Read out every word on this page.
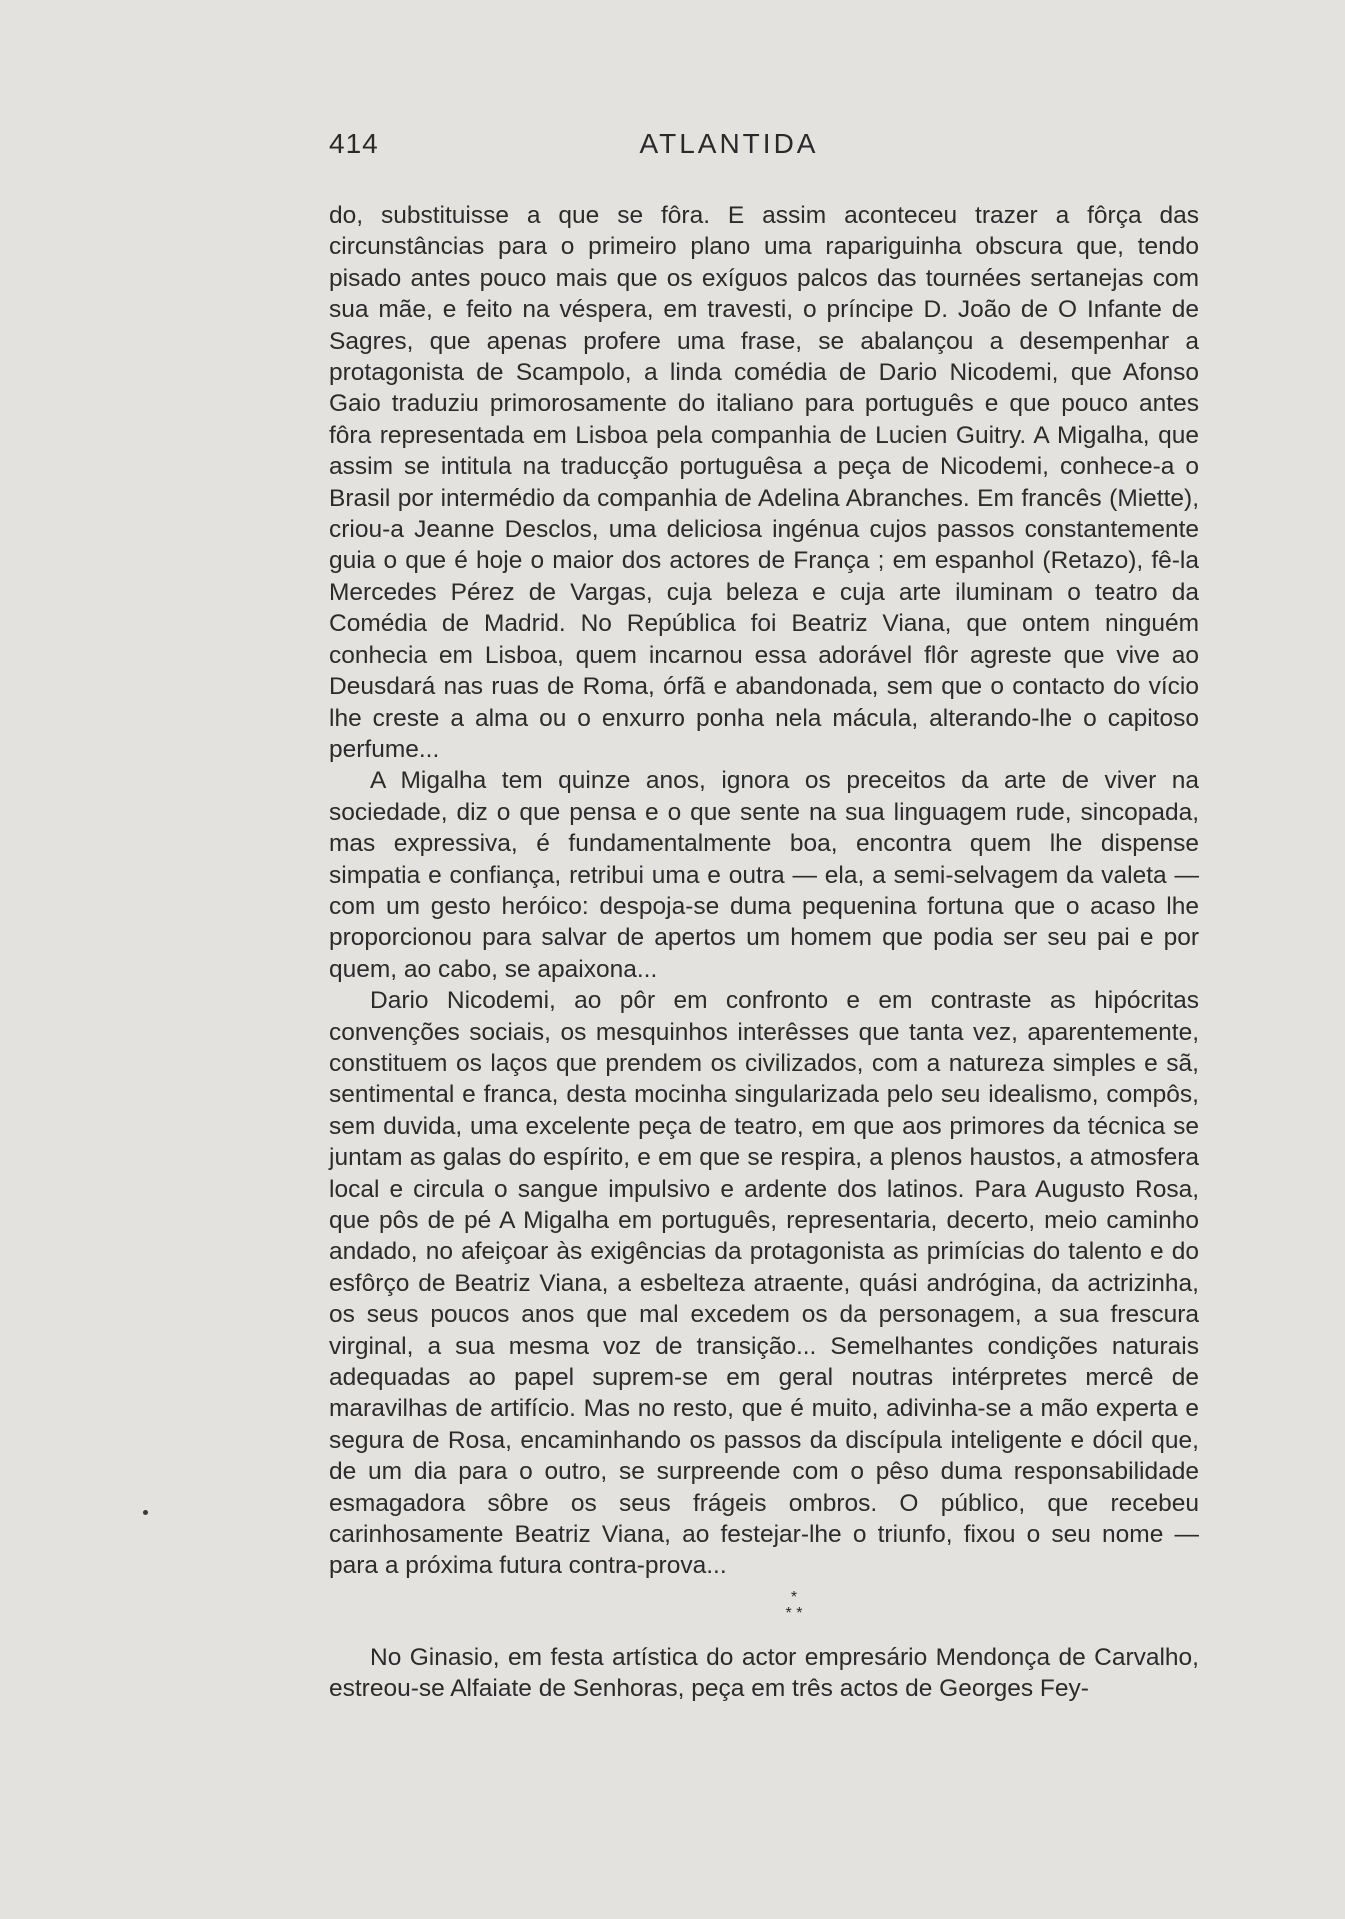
414	ATLANTIDA

do, substituisse a que se fôra. E assim aconteceu trazer a fôrça das circunstâncias para o primeiro plano uma rapariguinha obscura que, tendo pisado antes pouco mais que os exíguos palcos das tournées sertanejas com sua mãe, e feito na véspera, em travesti, o príncipe D. João de O Infante de Sagres, que apenas profere uma frase, se abalançou a desempenhar a protagonista de Scampolo, a linda comédia de Dario Nicodemi, que Afonso Gaio traduziu primorosamente do italiano para português e que pouco antes fôra representada em Lisboa pela companhia de Lucien Guitry. A Migalha, que assim se intitula na traducção portuguêsa a peça de Nicodemi, conhece-a o Brasil por intermédio da companhia de Adelina Abranches. Em francês (Miette), criou-a Jeanne Desclos, uma deliciosa ingénua cujos passos constantemente guia o que é hoje o maior dos actores de França ; em espanhol (Retazo), fê-la Mercedes Pérez de Vargas, cuja beleza e cuja arte iluminam o teatro da Comédia de Madrid. No República foi Beatriz Viana, que ontem ninguém conhecia em Lisboa, quem incarnou essa adorável flôr agreste que vive ao Deusdará nas ruas de Roma, órfã e abandonada, sem que o contacto do vício lhe creste a alma ou o enxurro ponha nela mácula, alterando-lhe o capitoso perfume...

A Migalha tem quinze anos, ignora os preceitos da arte de viver na sociedade, diz o que pensa e o que sente na sua linguagem rude, sincopada, mas expressiva, é fundamentalmente boa, encontra quem lhe dispense simpatia e confiança, retribui uma e outra — ela, a semi-selvagem da valeta — com um gesto heróico: despoja-se duma pequenina fortuna que o acaso lhe proporcionou para salvar de apertos um homem que podia ser seu pai e por quem, ao cabo, se apaixona...

Dario Nicodemi, ao pôr em confronto e em contraste as hipócritas convenções sociais, os mesquinhos interêsses que tanta vez, aparentemente, constituem os laços que prendem os civilizados, com a natureza simples e sã, sentimental e franca, desta mocinha singularizada pelo seu idealismo, compôs, sem duvida, uma excelente peça de teatro, em que aos primores da técnica se juntam as galas do espírito, e em que se respira, a plenos haustos, a atmosfera local e circula o sangue impulsivo e ardente dos latinos. Para Augusto Rosa, que pôs de pé A Migalha em português, representaria, decerto, meio caminho andado, no afeiçoar às exigências da protagonista as primícias do talento e do esfôrço de Beatriz Viana, a esbelteza atraente, quási andrógina, da actrizinha, os seus poucos anos que mal excedem os da personagem, a sua frescura virginal, a sua mesma voz de transição... Semelhantes condições naturais adequadas ao papel suprem-se em geral noutras intérpretes mercê de maravilhas de artifício. Mas no resto, que é muito, adivinha-se a mão experta e segura de Rosa, encaminhando os passos da discípula inteligente e dócil que, de um dia para o outro, se surpreende com o pêso duma responsabilidade esmagadora sôbre os seus frágeis ombros. O público, que recebeu carinhosamente Beatriz Viana, ao festejar-lhe o triunfo, fixou o seu nome — para a próxima futura contra-prova...

*
* *

No Ginasio, em festa artística do actor empresário Mendonça de Carvalho, estreou-se Alfaiate de Senhoras, peça em três actos de Georges Fey-
